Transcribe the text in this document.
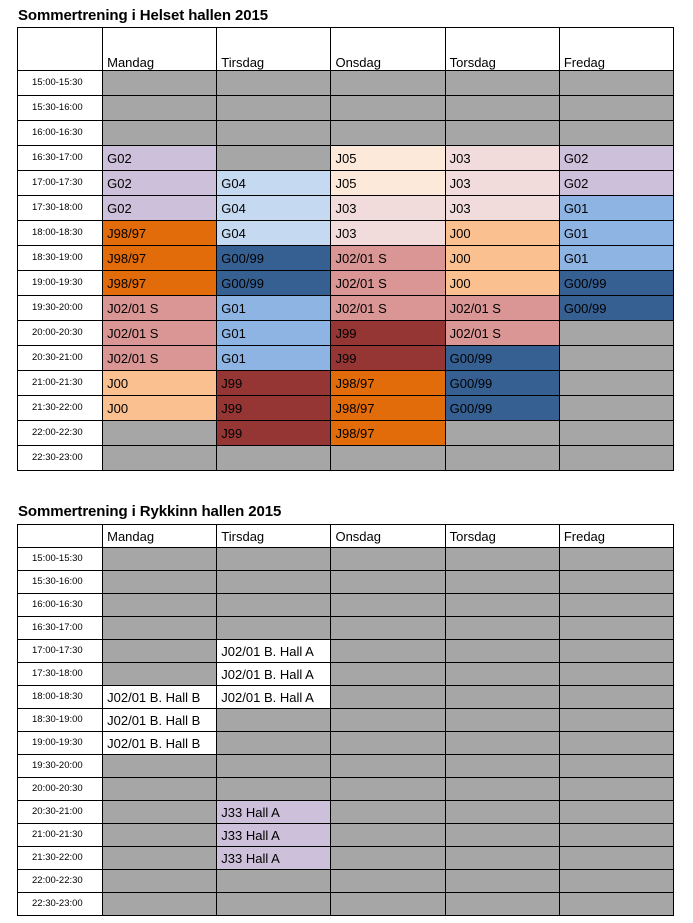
Sommertrening i Helset hallen 2015
	Mandag	Tirsdag	Onsdag	Torsdag	Fredag
15:00-15:30					
15:30-16:00					
16:00-16:30					
16:30-17:00	G02		J05	J03	G02
17:00-17:30	G02	G04	J05	J03	G02
17:30-18:00	G02	G04	J03	J03	G01
18:00-18:30	J98/97	G04	J03	J00	G01
18:30-19:00	J98/97	G00/99	J02/01 S	J00	G01
19:00-19:30	J98/97	G00/99	J02/01 S	J00	G00/99
19:30-20:00	J02/01 S	G01	J02/01 S	J02/01 S	G00/99
20:00-20:30	J02/01 S	G01	J99	J02/01 S	
20:30-21:00	J02/01 S	G01	J99	G00/99	
21:00-21:30	J00	J99	J98/97	G00/99	
21:30-22:00	J00	J99	J98/97	G00/99	
22:00-22:30		J99	J98/97		
22:30-23:00					
Sommertrening i Rykkinn hallen 2015
	Mandag	Tirsdag	Onsdag	Torsdag	Fredag
15:00-15:30					
15:30-16:00					
16:00-16:30					
16:30-17:00					
17:00-17:30		J02/01 B. Hall A			
17:30-18:00		J02/01 B. Hall A			
18:00-18:30	J02/01 B. Hall B	J02/01 B. Hall A			
18:30-19:00	J02/01 B. Hall B				
19:00-19:30	J02/01 B. Hall B				
19:30-20:00					
20:00-20:30					
20:30-21:00		J33 Hall A			
21:00-21:30		J33 Hall A			
21:30-22:00		J33 Hall A			
22:00-22:30					
22:30-23:00					
